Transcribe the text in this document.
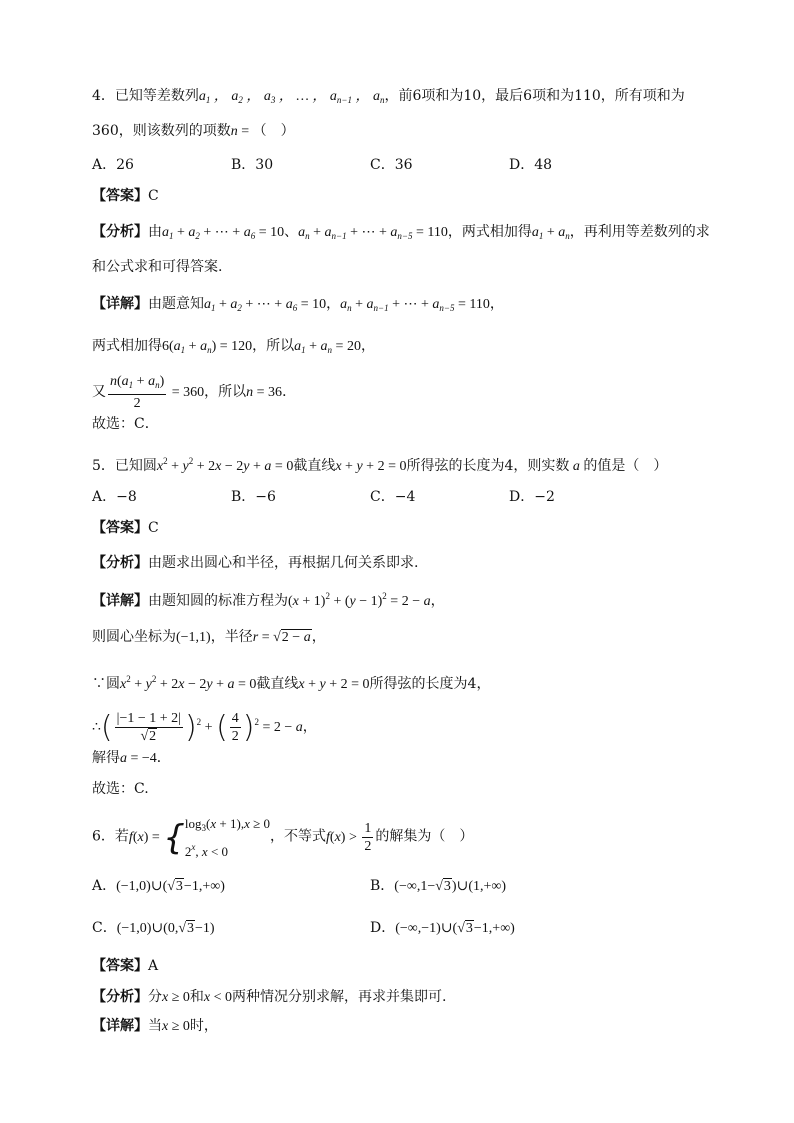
4．已知等差数列$a_1$ ， $a_2$ ， $a_3$ ， … ， $a_{n-1}$ ， $a_n$，前6项和为10，最后6项和为110，所有项和为
360，则该数列的项数n = （　）
A．26	B．30	C．36	D．48
【答案】C
【分析】由$a_1 + a_2$ + ⋯ + $a_6 = 10$、$a_n + a_{n-1}$ + ⋯ + $a_{n-5} = 110$，两式相加得$a_1 + a_n$，再利用等差数列的求
和公式求和可得答案.
【详解】由题意知$a_1 + a_2$ + ⋯ + $a_6 = 10$，$a_n + a_{n-1}$ + ⋯ + $a_{n-5} = 110$，
两式相加得$6(a_1 + a_n) = 120$，所以$a_1 + a_n = 20$，
又 $\frac{n(a_1 + a_n)}{2} = 360$，所以n = 36．
故选：C．
5．已知圆$x^2 + y^2 + 2x - 2y + a = 0$截直线x + y + 2 = 0所得弦的长度为4，则实数 a 的值是（　）
A．−8	B．−6	C．−4	D．−2
【答案】C
【分析】由题求出圆心和半径，再根据几何关系即求.
【详解】由题知圆的标准方程为$(x + 1)^2 + (y - 1)^2 = 2 - a$，
则圆心坐标为(−1,1)，半径r = √2 − a，
∵圆$x^2 + y^2 + 2x - 2y + a = 0$截直线x + y + 2 = 0所得弦的长度为4，
∴( $\frac{|-1 - 1 + 2|}{√2} )^2$ + ( $\frac{4}{2} )^2 = 2 - a$，
解得a = −4．
故选：C.
6．若f(x) = { $\log_3(x + 1),x \ge 0$
2$^x$, x < 0
，不等式$f(x) > \frac{1}{2}$ 的解集为（　）
A．(−1,0)∪(√3−1,+∞)	B．(−∞,1−√3)∪(1,+∞)
C．(−1,0)∪(0,√3−1)	D．(−∞,−1)∪(√3−1,+∞)
【答案】A
【分析】分x ≥ 0和x < 0两种情况分别求解，再求并集即可.
【详解】当x ≥ 0时，
